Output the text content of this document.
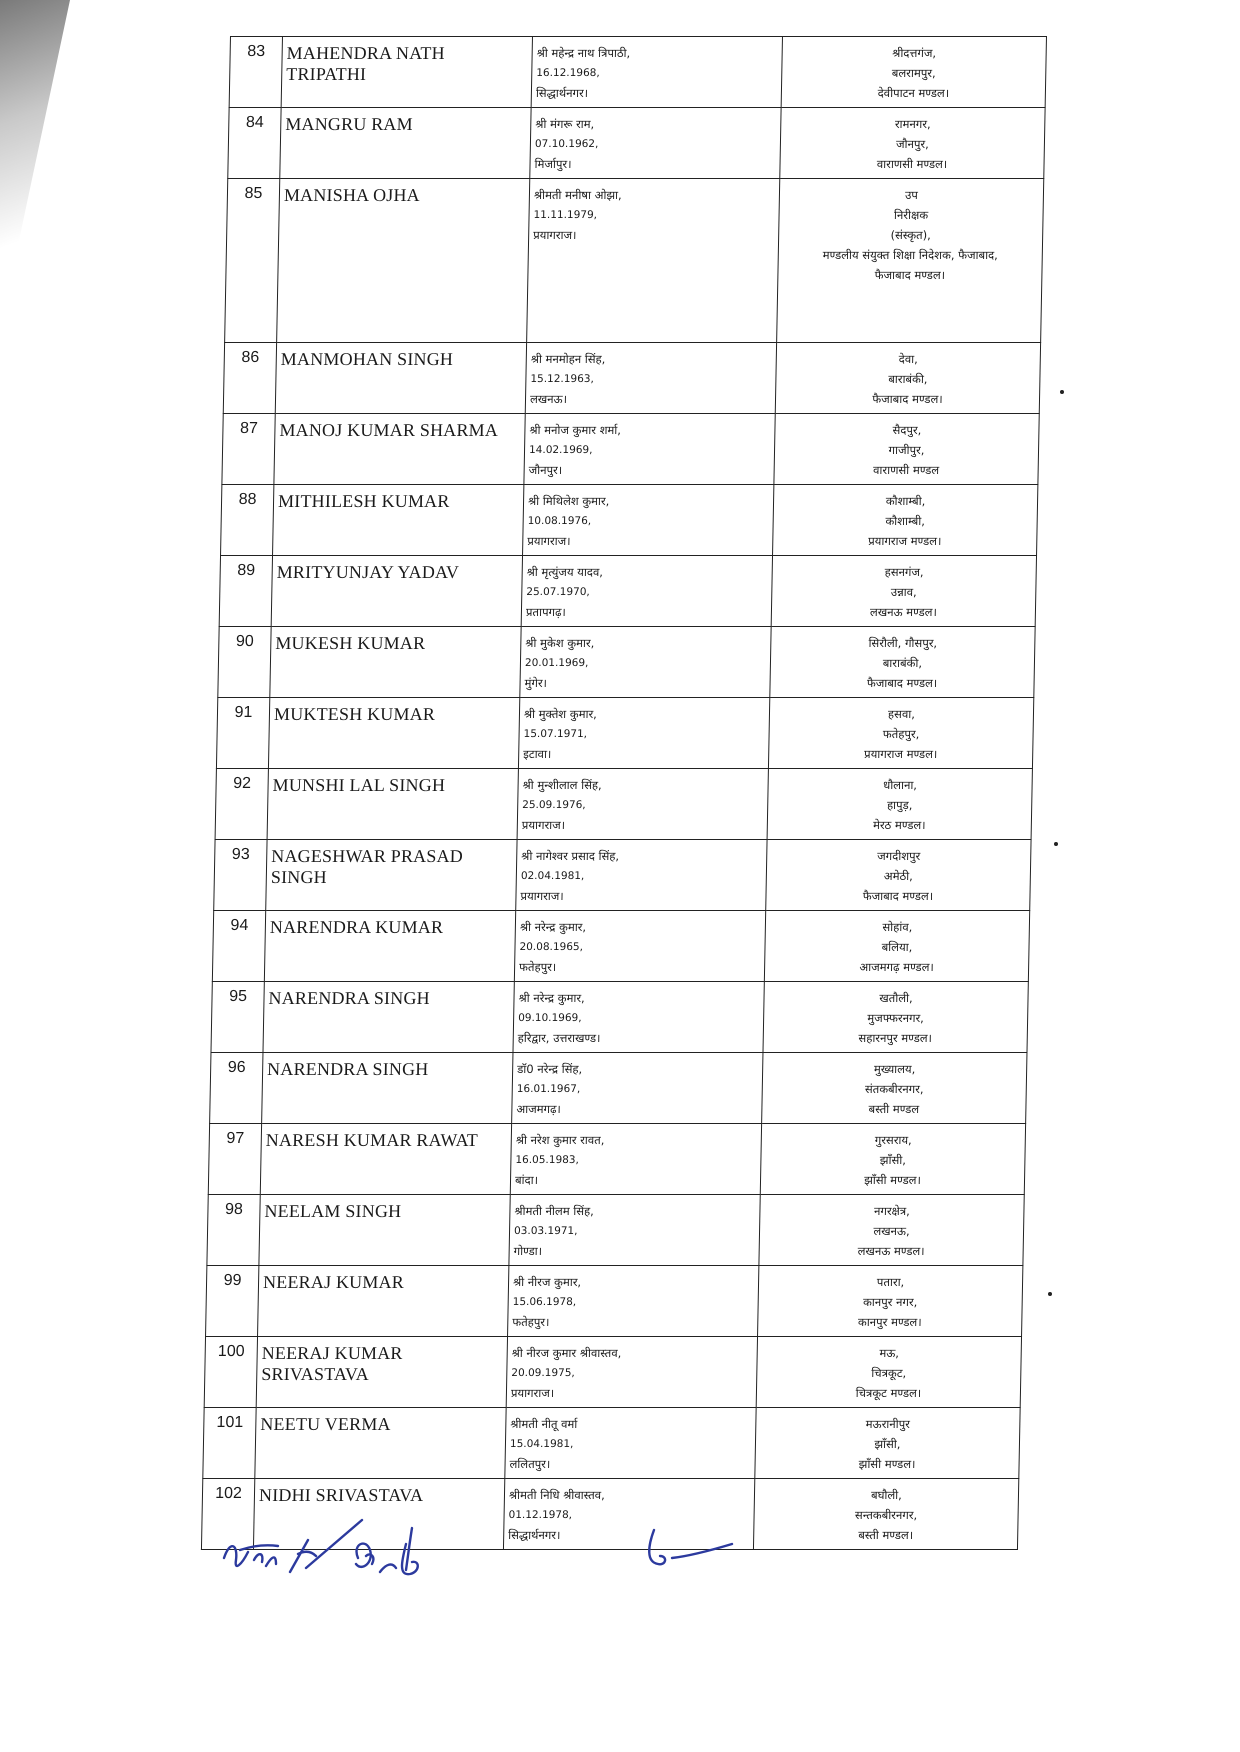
83	MAHENDRA NATH TRIPATHI	श्री महेन्द्र नाथ त्रिपाठी,
16.12.1968,
सिद्धार्थनगर।	श्रीदत्तगंज,
बलरामपुर,
देवीपाटन मण्डल।

84	MANGRU RAM	श्री मंगरू राम,
07.10.1962,
मिर्जापुर।	रामनगर,
जौनपुर,
वाराणसी मण्डल।

85	MANISHA OJHA	श्रीमती मनीषा ओझा,
11.11.1979,
प्रयागराज।	उप
निरीक्षक
(संस्कृत),
मण्डलीय संयुक्त शिक्षा निदेशक, फैजाबाद,
फैजाबाद मण्डल।

86	MANMOHAN SINGH	श्री मनमोहन सिंह,
15.12.1963,
लखनऊ।	देवा,
बाराबंकी,
फैजाबाद मण्डल।

87	MANOJ KUMAR SHARMA	श्री मनोज कुमार शर्मा,
14.02.1969,
जौनपुर।	सैदपुर,
गाजीपुर,
वाराणसी मण्डल

88	MITHILESH KUMAR	श्री मिथिलेश कुमार,
10.08.1976,
प्रयागराज।	कौशाम्बी,
कौशाम्बी,
प्रयागराज मण्डल।

89	MRITYUNJAY YADAV	श्री मृत्युंजय यादव,
25.07.1970,
प्रतापगढ़।	हसनगंज,
उन्नाव,
लखनऊ मण्डल।

90	MUKESH KUMAR	श्री मुकेश कुमार,
20.01.1969,
मुंगेर।	सिरौली, गौसपुर,
बाराबंकी,
फैजाबाद मण्डल।

91	MUKTESH KUMAR	श्री मुक्तेश कुमार,
15.07.1971,
इटावा।	हसवा,
फतेहपुर,
प्रयागराज मण्डल।

92	MUNSHI LAL SINGH	श्री मुन्शीलाल सिंह,
25.09.1976,
प्रयागराज।	धौलाना,
हापुड़,
मेरठ मण्डल।

93	NAGESHWAR PRASAD SINGH	श्री नागेश्वर प्रसाद सिंह,
02.04.1981,
प्रयागराज।	जगदीशपुर
अमेठी,
फैजाबाद मण्डल।

94	NARENDRA KUMAR	श्री नरेन्द्र कुमार,
20.08.1965,
फतेहपुर।	सोहांव,
बलिया,
आजमगढ़ मण्डल।

95	NARENDRA SINGH	श्री नरेन्द्र कुमार,
09.10.1969,
हरिद्वार, उत्तराखण्ड।	खतौली,
मुजफ्फरनगर,
सहारनपुर मण्डल।

96	NARENDRA SINGH	डॉ0 नरेन्द्र सिंह,
16.01.1967,
आजमगढ़।	मुख्यालय,
संतकबीरनगर,
बस्ती मण्डल

97	NARESH KUMAR RAWAT	श्री नरेश कुमार रावत,
16.05.1983,
बांदा।	गुरसराय,
झाँसी,
झाँसी मण्डल।

98	NEELAM SINGH	श्रीमती नीलम सिंह,
03.03.1971,
गोण्डा।	नगरक्षेत्र,
लखनऊ,
लखनऊ मण्डल।

99	NEERAJ KUMAR	श्री नीरज कुमार,
15.06.1978,
फतेहपुर।	पतारा,
कानपुर नगर,
कानपुर मण्डल।

100	NEERAJ KUMAR SRIVASTAVA	श्री नीरज कुमार श्रीवास्तव,
20.09.1975,
प्रयागराज।	मऊ,
चित्रकूट,
चित्रकूट मण्डल।

101	NEETU VERMA	श्रीमती नीतू वर्मा
15.04.1981,
ललितपुर।	मऊरानीपुर
झाँसी,
झाँसी मण्डल।

102	NIDHI SRIVASTAVA	श्रीमती निधि श्रीवास्तव,
01.12.1978,
सिद्धार्थनगर।	बघौली,
सन्तकबीरनगर,
बस्ती मण्डल।
सदस्य
